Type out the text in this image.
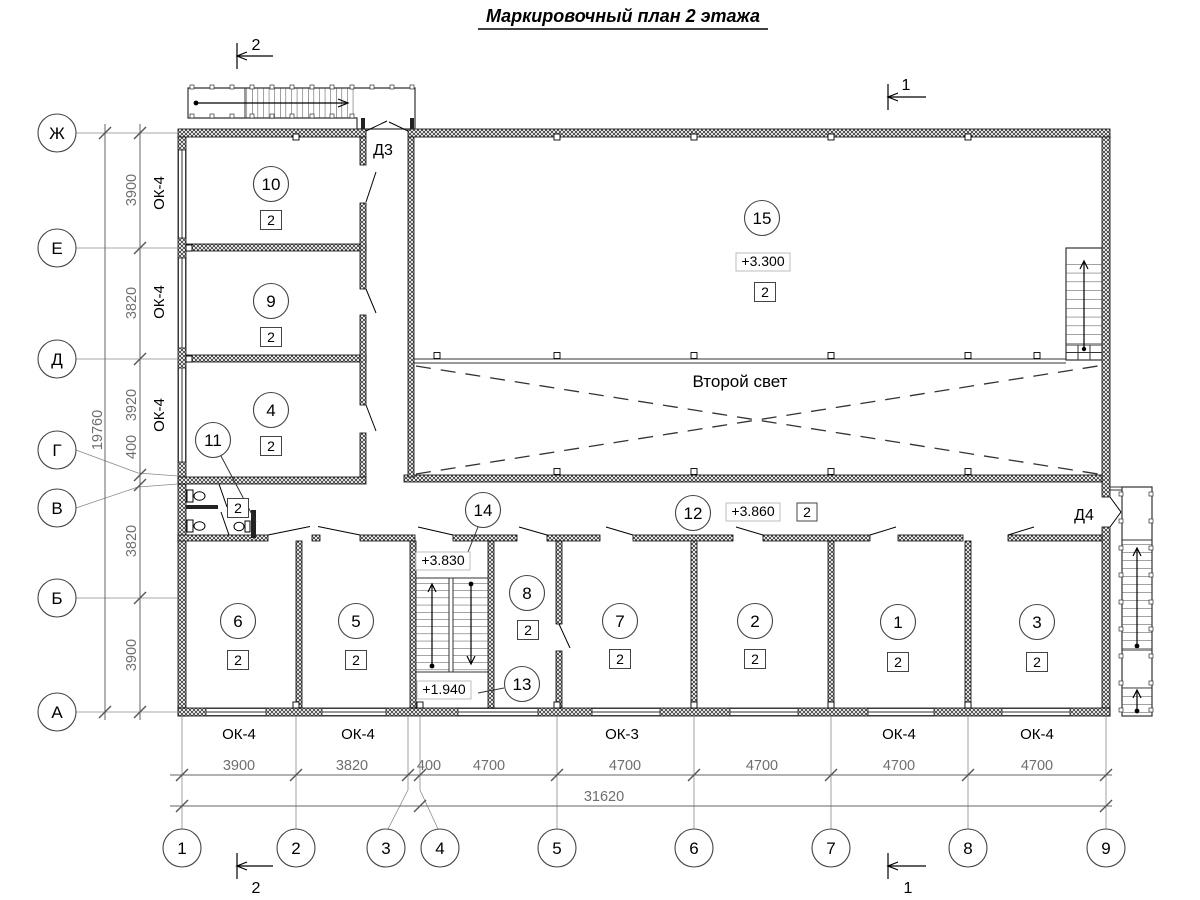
Маркировочный план 2 этажа
Второй свет
Д3
Д4
10
2
9
2
4
2
11
2
15
2
14	12	2
8
2
13
6
2
5
2
7
2
2
2
1
2
3
2
+3.300
+3.860
+3.830
+1.940
ОК-4
ОК-4
ОК-4
ОК-4	ОК-4	ОК-3	ОК-4	ОК-4
3900	3820	400 4700	4700	4700	4700	4700
31620
3900
3820
3920
400
3820
3900
19760
1	2	3	4	5	6	7	8	9
Ж
Е
Д
Г
В
Б
А
1
1
2
2
